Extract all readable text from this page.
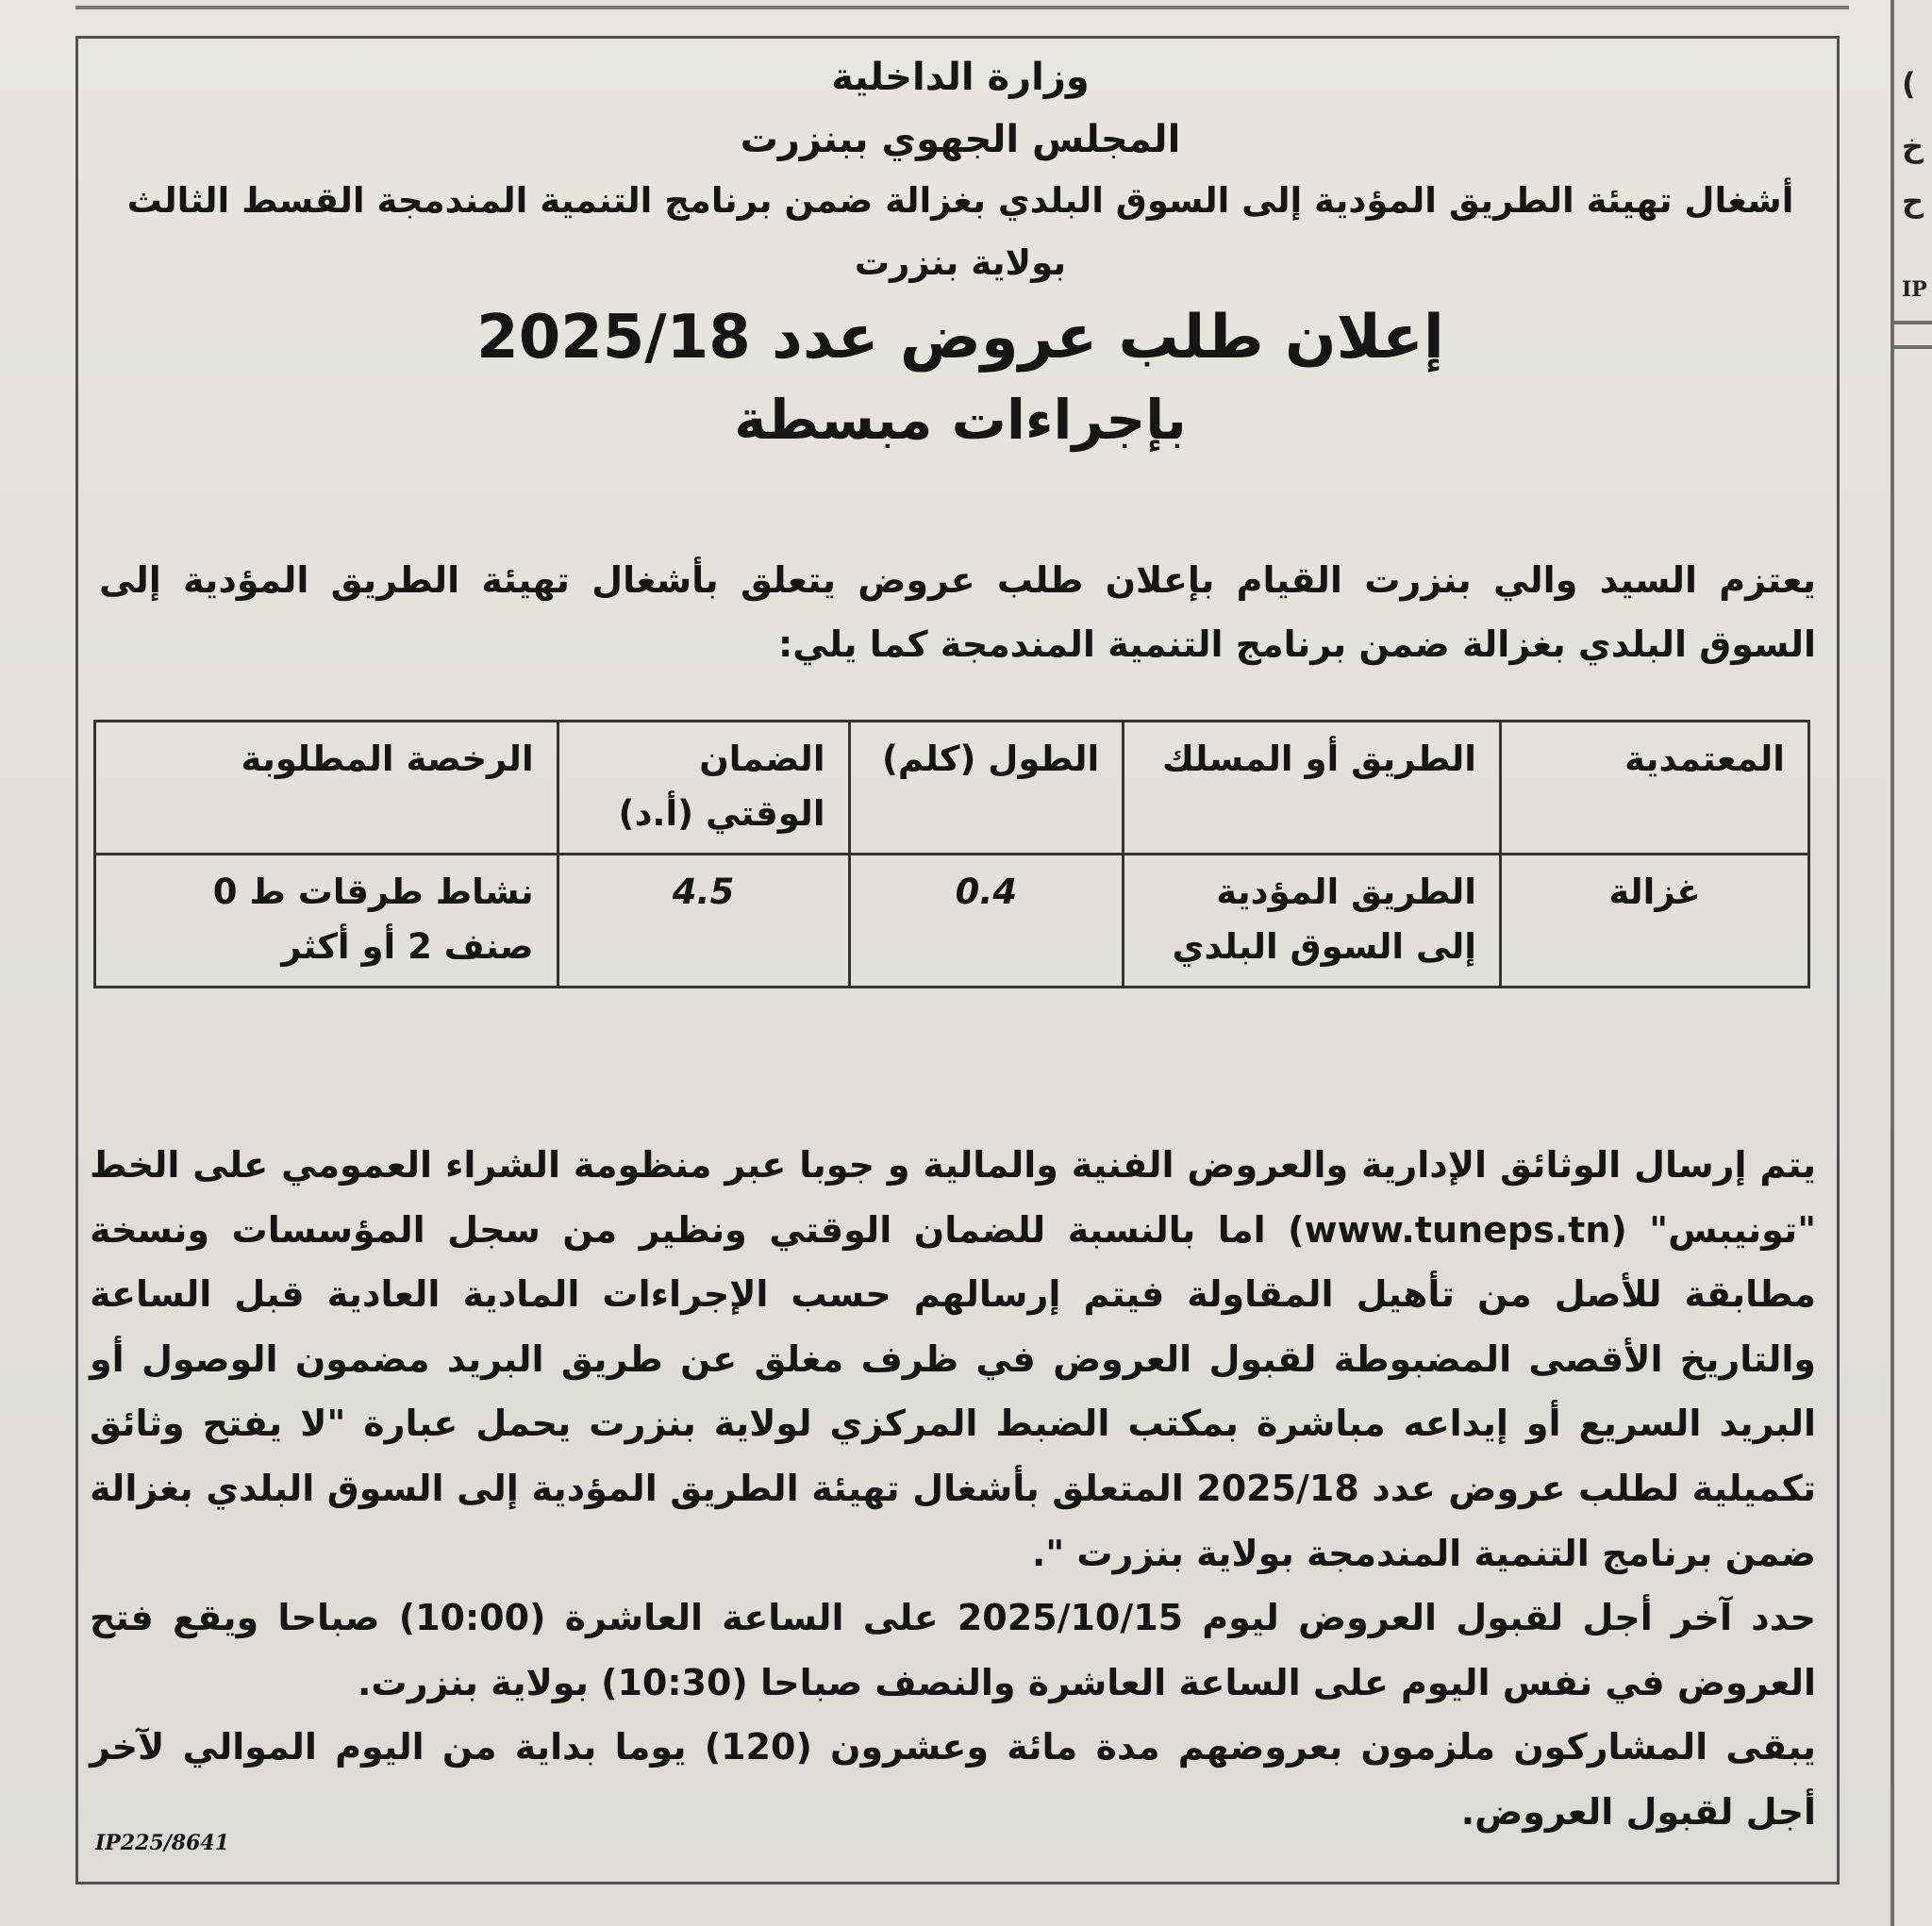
)
خ
ح
IP
وزارة الداخلية
المجلس الجهوي ببنزرت
أشغال تهيئة الطريق المؤدية إلى السوق البلدي بغزالة ضمن برنامج التنمية المندمجة القسط الثالث
بولاية بنزرت
إعلان طلب عروض عدد 2025/18
بإجراءات مبسطة
يعتزم السيد والي بنزرت القيام بإعلان طلب عروض يتعلق بأشغال تهيئة الطريق المؤدية إلى السوق البلدي بغزالة ضمن برنامج التنمية المندمجة كما يلي:
المعتمدية	الطريق أو المسلك	الطول (كلم)	الضمان الوقتي (أ.د)	الرخصة المطلوبة
غزالة	الطريق المؤدية إلى السوق البلدي	0.4	4.5	نشاط طرقات ط 0 صنف 2 أو أكثر

يتم إرسال الوثائق الإدارية والعروض الفنية والمالية و جوبا عبر منظومة الشراء العمومي على الخط "تونيبس" (www.tuneps.tn) اما بالنسبة للضمان الوقتي ونظير من سجل المؤسسات ونسخة مطابقة للأصل من تأهيل المقاولة فيتم إرسالهم حسب الإجراءات المادية العادية قبل الساعة والتاريخ الأقصى المضبوطة لقبول العروض في ظرف مغلق عن طريق البريد مضمون الوصول أو البريد السريع أو إيداعه مباشرة بمكتب الضبط المركزي لولاية بنزرت يحمل عبارة "لا يفتح وثائق تكميلية لطلب عروض عدد 2025/18 المتعلق بأشغال تهيئة الطريق المؤدية إلى السوق البلدي بغزالة ضمن برنامج التنمية المندمجة بولاية بنزرت ".

حدد آخر أجل لقبول العروض ليوم 2025/10/15 على الساعة العاشرة (10:00) صباحا ويقع فتح العروض في نفس اليوم على الساعة العاشرة والنصف صباحا (10:30) بولاية بنزرت.

يبقى المشاركون ملزمون بعروضهم مدة مائة وعشرون (120) يوما بداية من اليوم الموالي لآخر أجل لقبول العروض.

IP225/8641
